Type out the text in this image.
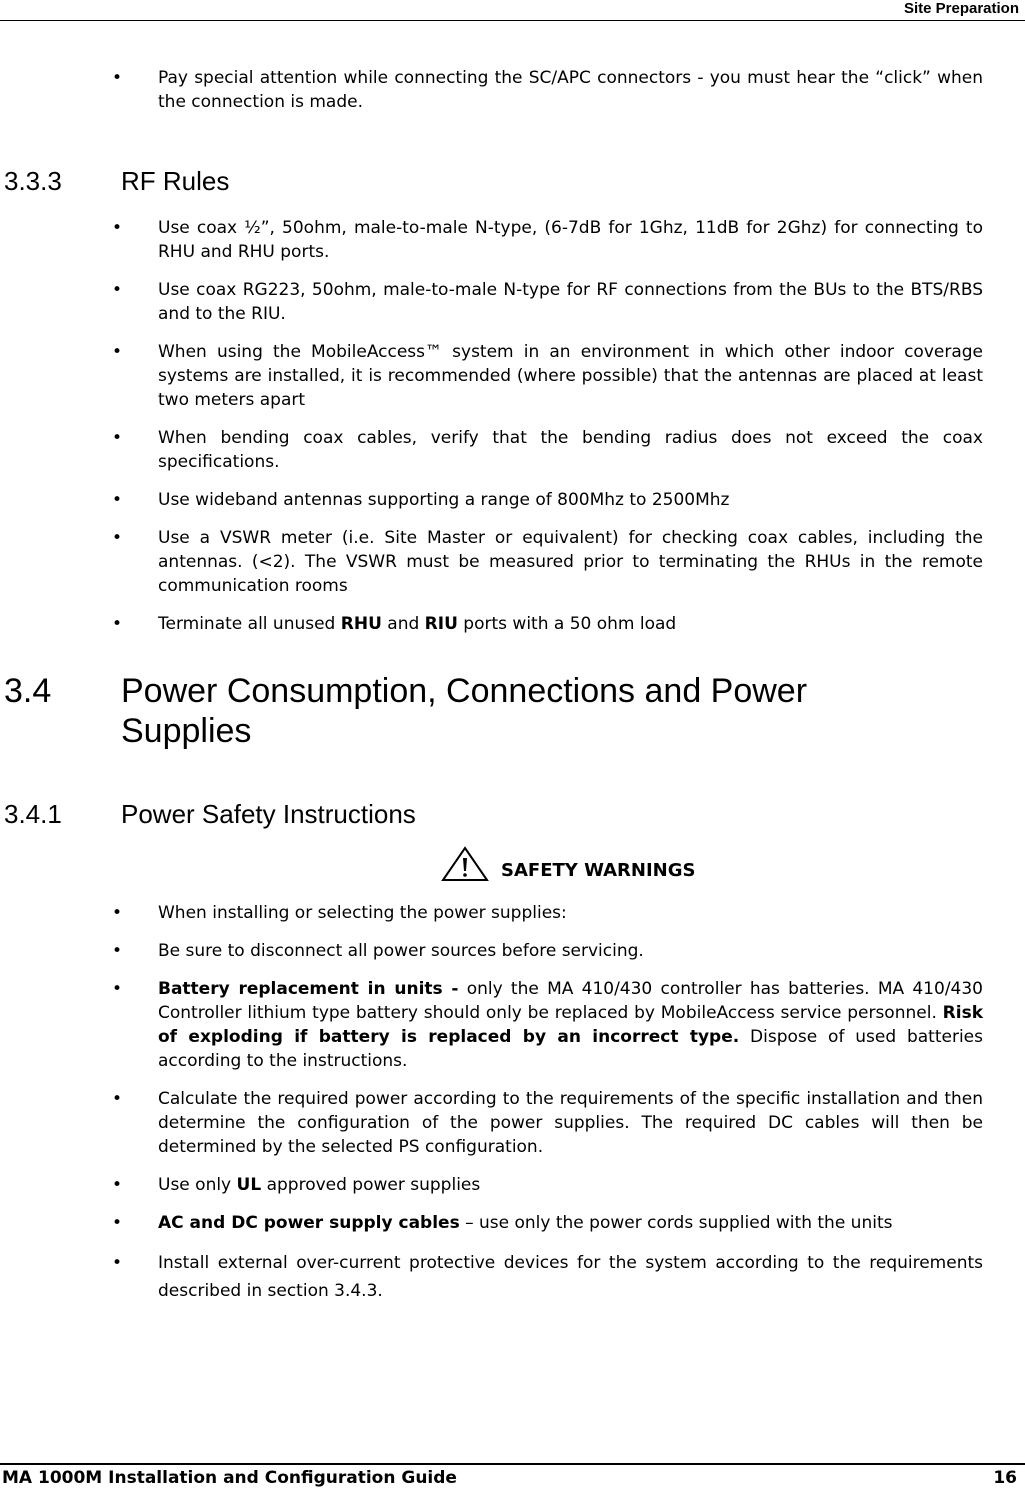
Site Preparation
• Pay special attention while connecting the SC/APC connectors - you must hear the “click” when the connection is made.
3.3.3 RF Rules
• Use coax ½”, 50ohm, male-to-male N-type, (6-7dB for 1Ghz, 11dB for 2Ghz) for connecting to RHU and RHU ports.
• Use coax RG223, 50ohm, male-to-male N-type for RF connections from the BUs to the BTS/RBS and to the RIU.
• When using the MobileAccess™ system in an environment in which other indoor coverage systems are installed, it is recommended (where possible) that the antennas are placed at least two meters apart
• When bending coax cables, verify that the bending radius does not exceed the coax specifications.
• Use wideband antennas supporting a range of 800Mhz to 2500Mhz
• Use a VSWR meter (i.e. Site Master or equivalent) for checking coax cables, including the antennas. (<2). The VSWR must be measured prior to terminating the RHUs in the remote communication rooms
• Terminate all unused RHU and RIU ports with a 50 ohm load
3.4	Power Consumption, Connections and Power Supplies
3.4.1 Power Safety Instructions
SAFETY WARNINGS
• When installing or selecting the power supplies:
• Be sure to disconnect all power sources before servicing.
• Battery replacement in units - only the MA 410/430 controller has batteries. MA 410/430 Controller lithium type battery should only be replaced by MobileAccess service personnel. Risk of exploding if battery is replaced by an incorrect type. Dispose of used batteries according to the instructions.
• Calculate the required power according to the requirements of the specific installation and then determine the configuration of the power supplies. The required DC cables will then be determined by the selected PS configuration.
• Use only UL approved power supplies
• AC and DC power supply cables – use only the power cords supplied with the units
• Install external over-current protective devices for the system according to the requirements described in section 3.4.3.
MA 1000M Installation and Configuration Guide	16
